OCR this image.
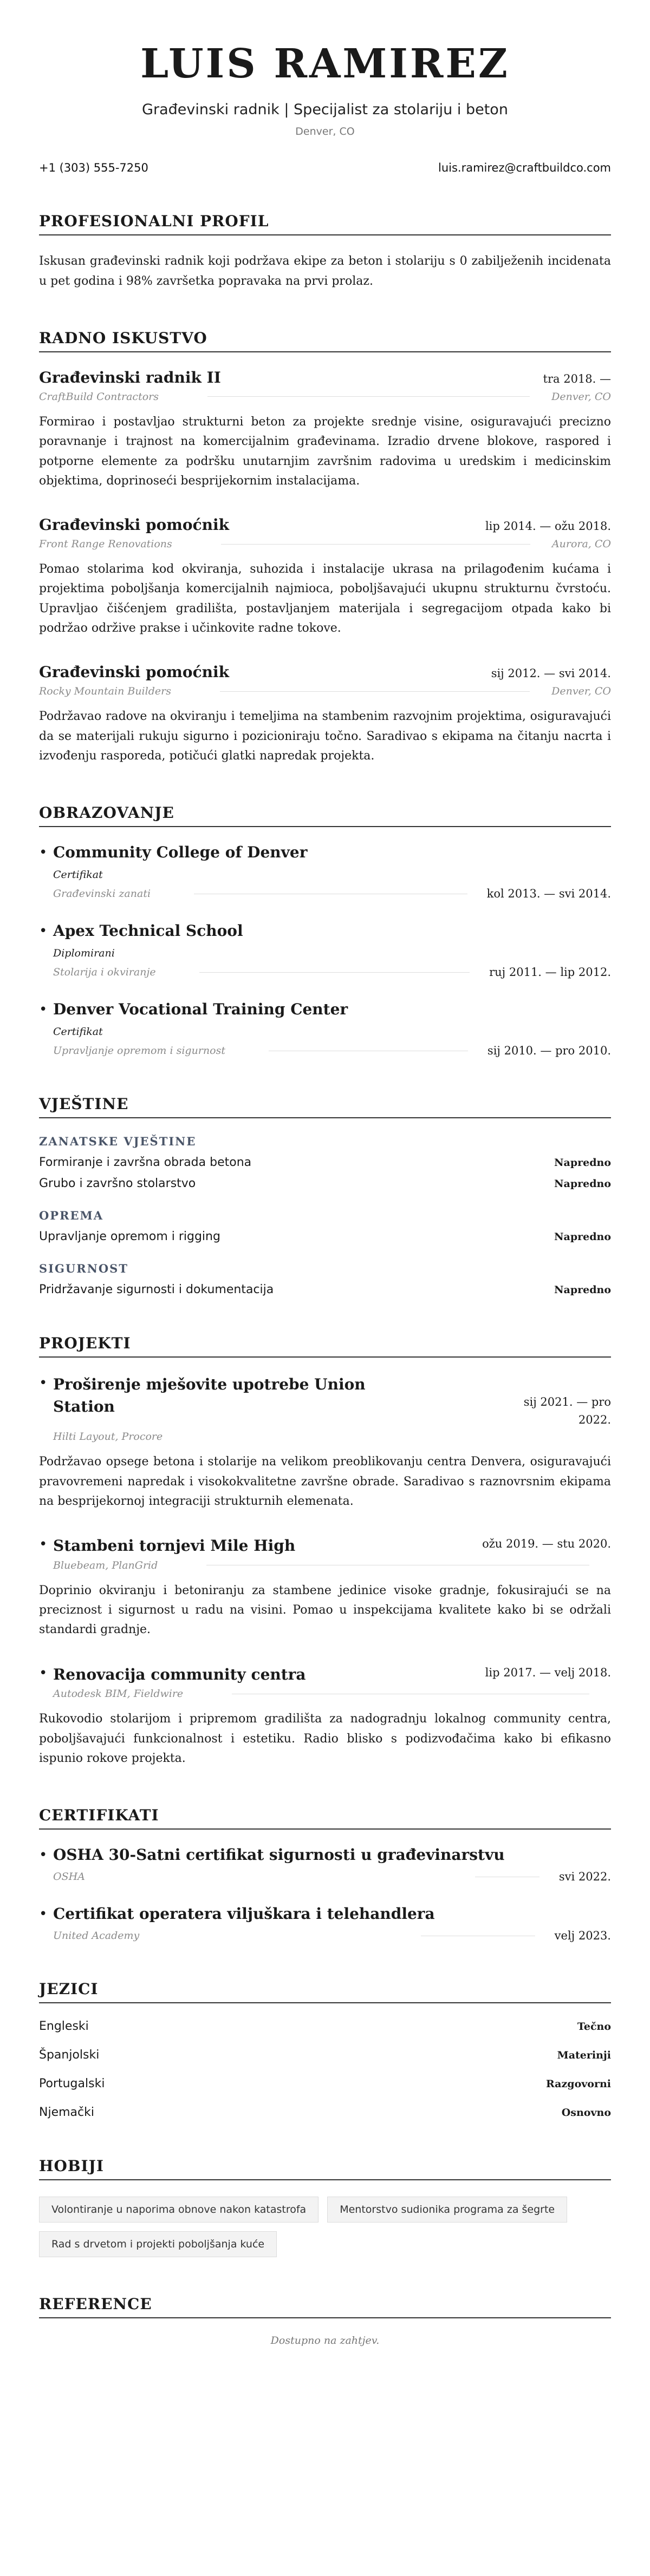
LUIS RAMIREZ
Građevinski radnik | Specijalist za stolariju i beton
Denver, CO
+1 (303) 555-7250	luis.ramirez@craftbuildco.com
PROFESIONALNI PROFIL

Iskusan građevinski radnik koji podržava ekipe za beton i stolariju s 0 zabilježenih incidenata u pet godina i 98% završetka popravaka na prvi prolaz.

RADNO ISKUSTVO
Građevinski radnik II	tra 2018. —
CraftBuild Contractors	Denver, CO

Formirao i postavljao strukturni beton za projekte srednje visine, osiguravajući precizno poravnanje i trajnost na komercijalnim građevinama. Izradio drvene blokove, raspored i potporne elemente za podršku unutarnjim završnim radovima u uredskim i medicinskim objektima, doprinoseći besprijekornim instalacijama.

Građevinski pomoćnik	lip 2014. — ožu 2018.
Front Range Renovations	Aurora, CO

Pomao stolarima kod okviranja, suhozida i instalacije ukrasa na prilagođenim kućama i projektima poboljšanja komercijalnih najmioca, poboljšavajući ukupnu strukturnu čvrstoću. Upravljao čišćenjem gradilišta, postavljanjem materijala i segregacijom otpada kako bi podržao održive prakse i učinkovite radne tokove.

Građevinski pomoćnik	sij 2012. — svi 2014.
Rocky Mountain Builders	Denver, CO

Podržavao radove na okviranju i temeljima na stambenim razvojnim projektima, osiguravajući da se materijali rukuju sigurno i pozicioniraju točno. Saradivao s ekipama na čitanju nacrta i izvođenju rasporeda, potičući glatki napredak projekta.

OBRAZOVANJE
• Community College of Denver
Certifikat
Građevinski zanati	kol 2013. — svi 2014.
• Apex Technical School
Diplomirani
Stolarija i okviranje	ruj 2011. — lip 2012.
• Denver Vocational Training Center
Certifikat
Upravljanje opremom i sigurnost	sij 2010. — pro 2010.
VJEŠTINE
ZANATSKE VJEŠTINE
Formiranje i završna obrada betona	Napredno
Grubo i završno stolarstvo	Napredno
OPREMA
Upravljanje opremom i rigging	Napredno
SIGURNOST
Pridržavanje sigurnosti i dokumentacija	Napredno
PROJEKTI
• Proširenje mješovite upotrebe Union Station	sij 2021. — pro
2022.
Hilti Layout, Procore

Podržavao opsege betona i stolarije na velikom preoblikovanju centra Denvera, osiguravajući pravovremeni napredak i visokokvalitetne završne obrade. Saradivao s raznovrsnim ekipama na besprijekornoj integraciji strukturnih elemenata.

• Stambeni tornjevi Mile High	ožu 2019. — stu 2020.
Bluebeam, PlanGrid

Doprinio okviranju i betoniranju za stambene jedinice visoke gradnje, fokusirajući se na preciznost i sigurnost u radu na visini. Pomao u inspekcijama kvalitete kako bi se održali standardi gradnje.

• Renovacija community centra	lip 2017. — velj 2018.
Autodesk BIM, Fieldwire

Rukovodio stolarijom i pripremom gradilišta za nadogradnju lokalnog community centra, poboljšavajući funkcionalnost i estetiku. Radio blisko s podizvođačima kako bi efikasno ispunio rokove projekta.

CERTIFIKATI
• OSHA 30-Satni certifikat sigurnosti u građevinarstvu
OSHA	svi 2022.
• Certifikat operatera viljuškara i telehandlera
United Academy	velj 2023.
JEZICI
Engleski	Tečno
Španjolski	Materinji
Portugalski	Razgovorni
Njemački	Osnovno
HOBIJI
Volontiranje u naporima obnove nakon katastrofa	Mentorstvo sudionika programa za šegrte
Rad s drvetom i projekti poboljšanja kuće
REFERENCE
Dostupno na zahtjev.
